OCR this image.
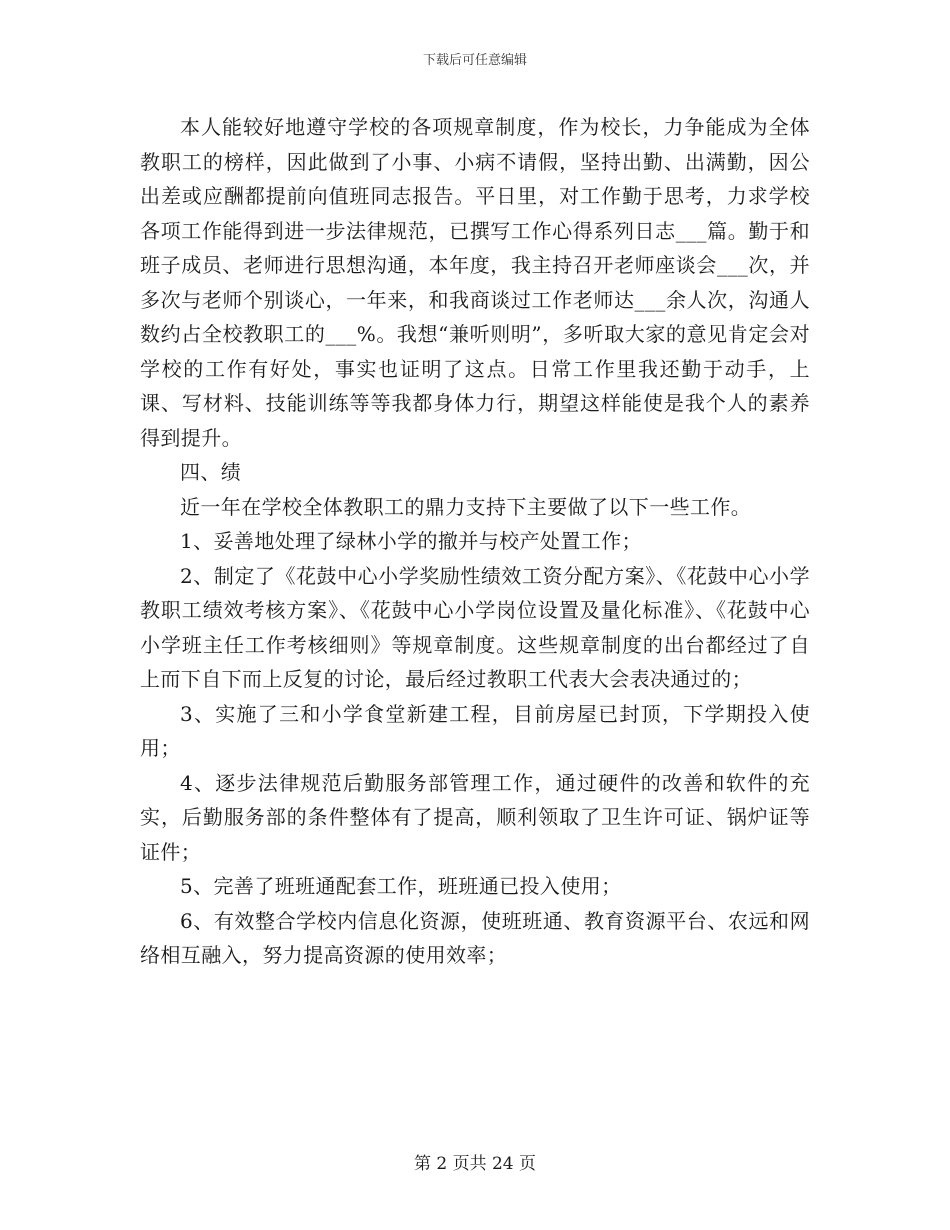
下载后可任意编辑

本人能较好地遵守学校的各项规章制度，作为校长，力争能成为全体教职工的榜样，因此做到了小事、小病不请假，坚持出勤、出满勤，因公出差或应酬都提前向值班同志报告。平日里，对工作勤于思考，力求学校各项工作能得到进一步法律规范，已撰写工作心得系列日志___篇。勤于和班子成员、老师进行思想沟通，本年度，我主持召开老师座谈会___次，并多次与老师个别谈心，一年来，和我商谈过工作老师达___余人次，沟通人数约占全校教职工的___%。我想“兼听则明”，多听取大家的意见肯定会对学校的工作有好处，事实也证明了这点。日常工作里我还勤于动手，上课、写材料、技能训练等等我都身体力行，期望这样能使是我个人的素养得到提升。

四、绩

近一年在学校全体教职工的鼎力支持下主要做了以下一些工作。

1、妥善地处理了绿林小学的撤并与校产处置工作；

2、制定了《花鼓中心小学奖励性绩效工资分配方案》、《花鼓中心小学教职工绩效考核方案》、《花鼓中心小学岗位设置及量化标准》、《花鼓中心小学班主任工作考核细则》等规章制度。这些规章制度的出台都经过了自上而下自下而上反复的讨论，最后经过教职工代表大会表决通过的；

3、实施了三和小学食堂新建工程，目前房屋已封顶，下学期投入使用；

4、逐步法律规范后勤服务部管理工作，通过硬件的改善和软件的充实，后勤服务部的条件整体有了提高，顺利领取了卫生许可证、锅炉证等证件；

5、完善了班班通配套工作，班班通已投入使用；

6、有效整合学校内信息化资源，使班班通、教育资源平台、农远和网络相互融入，努力提高资源的使用效率；

第 2 页共 24 页
